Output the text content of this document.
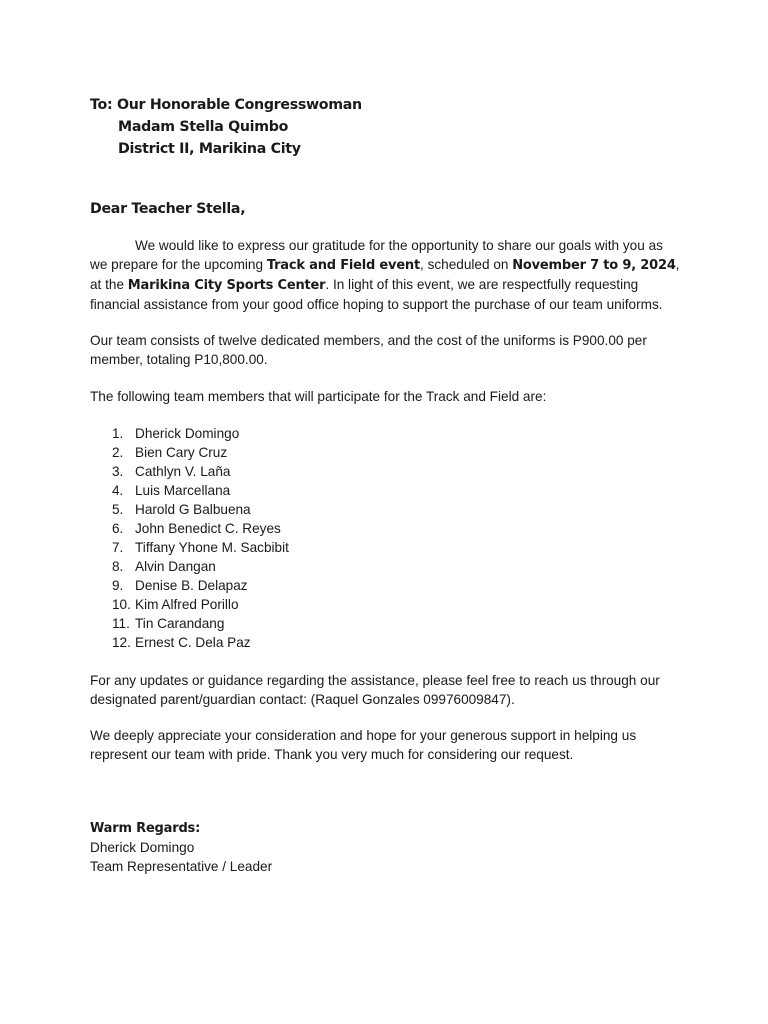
To: Our Honorable Congresswoman
Madam Stella Quimbo
District II, Marikina City
Dear Teacher Stella,

We would like to express our gratitude for the opportunity to share our goals with you as we prepare for the upcoming Track and Field event, scheduled on November 7 to 9, 2024, at the Marikina City Sports Center. In light of this event, we are respectfully requesting financial assistance from your good office hoping to support the purchase of our team uniforms.

Our team consists of twelve dedicated members, and the cost of the uniforms is P900.00 per member, totaling P10,800.00.

The following team members that will participate for the Track and Field are:

1. Dherick Domingo
2. Bien Cary Cruz
3. Cathlyn V. Laña
4. Luis Marcellana
5. Harold G Balbuena
6. John Benedict C. Reyes
7. Tiffany Yhone M. Sacbibit
8. Alvin Dangan
9. Denise B. Delapaz
10. Kim Alfred Porillo
11. Tin Carandang
12. Ernest C. Dela Paz

For any updates or guidance regarding the assistance, please feel free to reach us through our designated parent/guardian contact: (Raquel Gonzales 09976009847).

We deeply appreciate your consideration and hope for your generous support in helping us represent our team with pride. Thank you very much for considering our request.

Warm Regards:
Dherick Domingo
Team Representative / Leader
